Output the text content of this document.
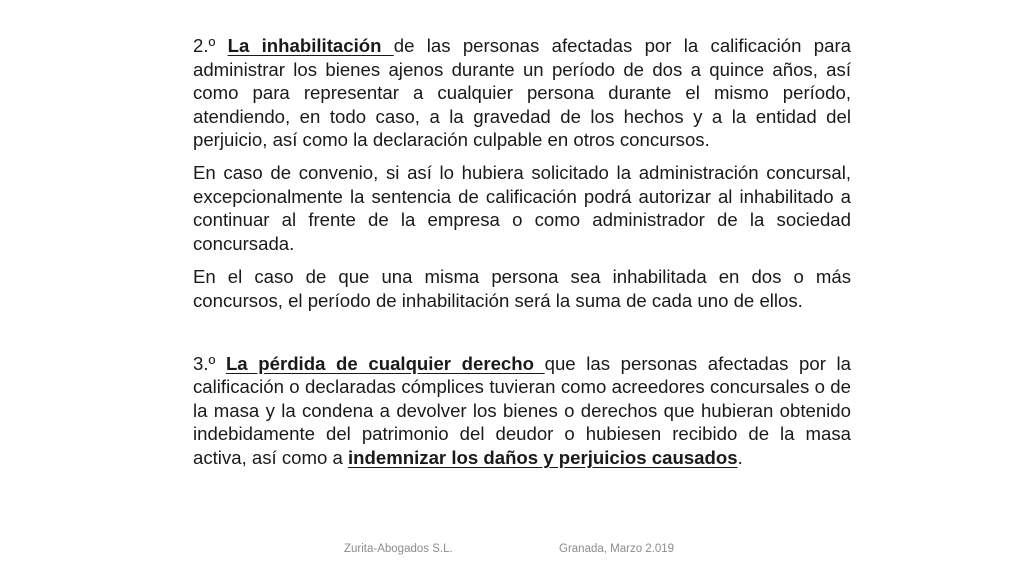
2.º La inhabilitación de las personas afectadas por la calificación para administrar los bienes ajenos durante un período de dos a quince años, así como para representar a cualquier persona durante el mismo período, atendiendo, en todo caso, a la gravedad de los hechos y a la entidad del perjuicio, así como la declaración culpable en otros concursos.

En caso de convenio, si así lo hubiera solicitado la administración concursal, excepcionalmente la sentencia de calificación podrá autorizar al inhabilitado a continuar al frente de la empresa o como administrador de la sociedad concursada.

En el caso de que una misma persona sea inhabilitada en dos o más concursos, el período de inhabilitación será la suma de cada uno de ellos.

3.º La pérdida de cualquier derecho que las personas afectadas por la calificación o declaradas cómplices tuvieran como acreedores concursales o de la masa y la condena a devolver los bienes o derechos que hubieran obtenido indebidamente del patrimonio del deudor o hubiesen recibido de la masa activa, así como a indemnizar los daños y perjuicios causados.

Zurita-Abogados S.L.	Granada, Marzo 2.019
